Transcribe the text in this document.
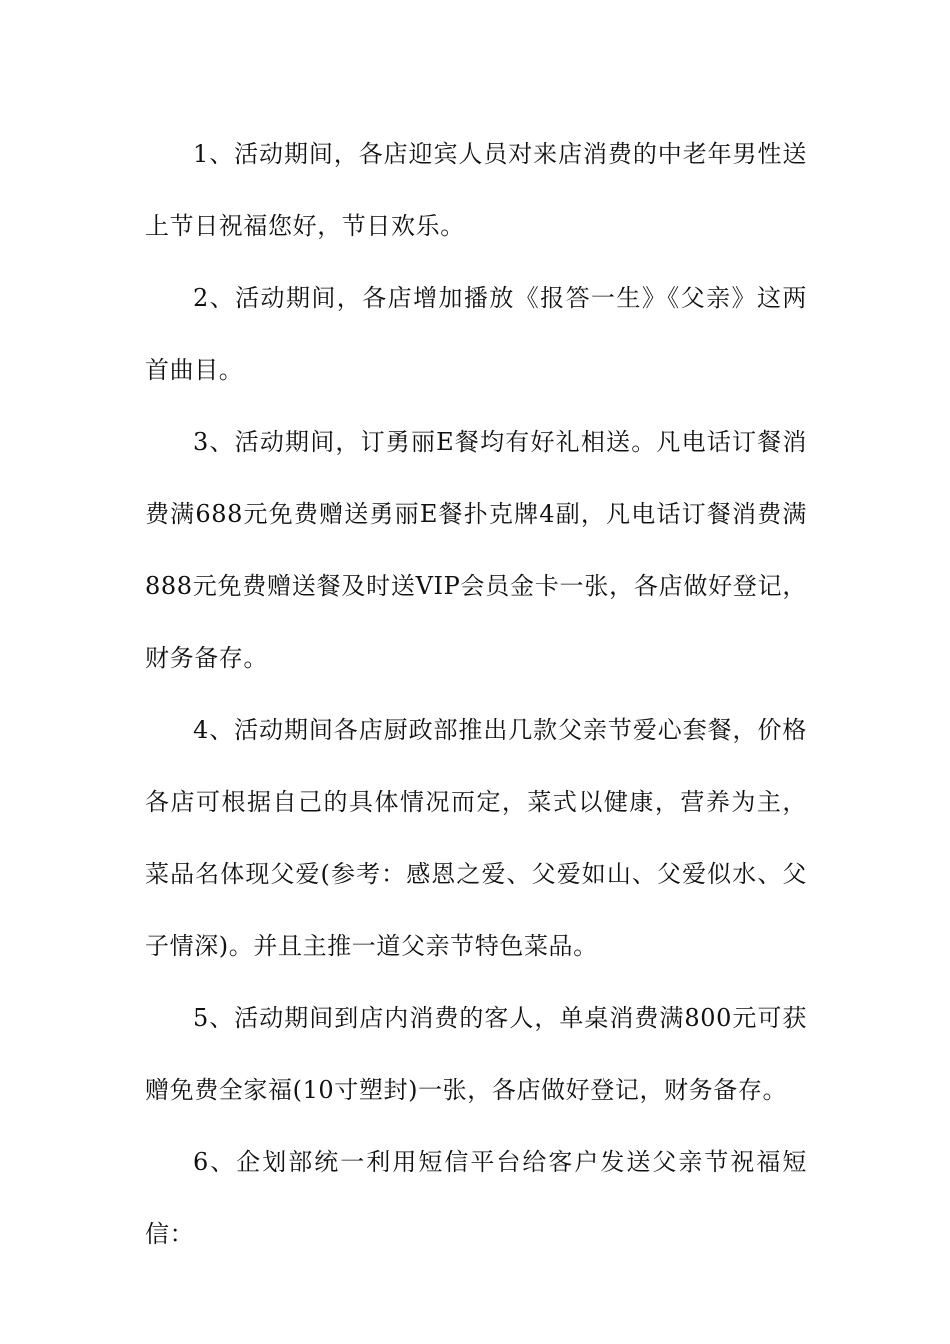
1、活动期间，各店迎宾人员对来店消费的中老年男性送上节日祝福您好，节日欢乐。

2、活动期间，各店增加播放《报答一生》《父亲》这两首曲目。

3、活动期间，订勇丽E餐均有好礼相送。凡电话订餐消费满688元免费赠送勇丽E餐扑克牌4副，凡电话订餐消费满888元免费赠送餐及时送VIP会员金卡一张，各店做好登记，财务备存。

4、活动期间各店厨政部推出几款父亲节爱心套餐，价格各店可根据自己的具体情况而定，菜式以健康，营养为主，菜品名体现父爱(参考：感恩之爱、父爱如山、父爱似水、父子情深)。并且主推一道父亲节特色菜品。

5、活动期间到店内消费的客人，单桌消费满800元可获赠免费全家福(10寸塑封)一张，各店做好登记，财务备存。

6、企划部统一利用短信平台给客户发送父亲节祝福短信：
